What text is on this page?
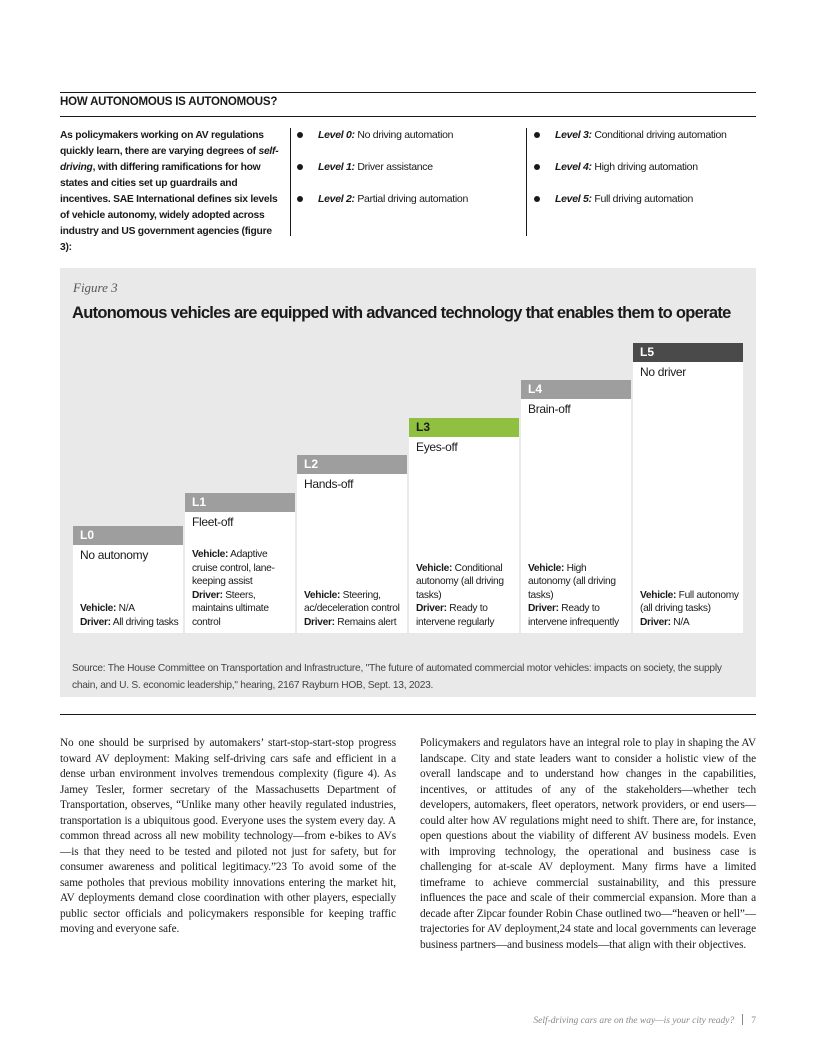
HOW AUTONOMOUS IS AUTONOMOUS?
As policymakers working on AV regulations quickly learn, there are varying degrees of self-driving, with differing ramifications for how states and cities set up guardrails and incentives. SAE International defines six levels of vehicle autonomy, widely adopted across industry and US government agencies (figure 3):
Level 0: No driving automation
Level 1: Driver assistance
Level 2: Partial driving automation
Level 3: Conditional driving automation
Level 4: High driving automation
Level 5: Full driving automation
Figure 3
Autonomous vehicles are equipped with advanced technology that enables them to operate
L0
No autonomy

Vehicle: N/A

Driver: All driving tasks

L1
Fleet-off

Vehicle: Adaptive cruise control, lane-keeping assist

Driver: Steers, maintains ultimate control

L2
Hands-off

Vehicle: Steering, ac/deceleration control

Driver: Remains alert

L3
Eyes-off

Vehicle: Conditional autonomy (all driving tasks)

Driver: Ready to intervene regularly

L4
Brain-off

Vehicle: High autonomy (all driving tasks)

Driver: Ready to intervene infrequently

L5
No driver

Vehicle: Full autonomy (all driving tasks)

Driver: N/A

Source: The House Committee on Transportation and Infrastructure, "The future of automated commercial motor vehicles: impacts on society, the supply chain, and U. S. economic leadership," hearing, 2167 Rayburn HOB, Sept. 13, 2023.

No one should be surprised by automakers’ start-stop-start-stop progress toward AV deployment: Making self-driving cars safe and efficient in a dense urban environment involves tremendous complexity (figure 4). As Jamey Tesler, former secretary of the Massachusetts Department of Transportation, observes, “Unlike many other heavily regulated industries, transportation is a ubiquitous good. Everyone uses the system every day. A common thread across all new mobility technology—from e-bikes to AVs—is that they need to be tested and piloted not just for safety, but for consumer awareness and political legitimacy.”23 To avoid some of the same potholes that previous mobility innovations entering the market hit, AV deployments demand close coordination with other players, especially public sector officials and policymakers responsible for keeping traffic moving and everyone safe.

Policymakers and regulators have an integral role to play in shaping the AV landscape. City and state leaders want to consider a holistic view of the overall landscape and to understand how changes in the capabilities, incentives, or attitudes of any of the stakeholders—whether tech developers, automakers, fleet operators, network providers, or end users—could alter how AV regulations might need to shift. There are, for instance, open questions about the viability of different AV business models. Even with improving technology, the operational and business case is challenging for at-scale AV deployment. Many firms have a limited timeframe to achieve commercial sustainability, and this pressure influences the pace and scale of their commercial expansion. More than a decade after Zipcar founder Robin Chase outlined two—“heaven or hell”—trajectories for AV deployment,24 state and local governments can leverage business partners—and business models—that align with their objectives.

Self-driving cars are on the way—is your city ready? 7
